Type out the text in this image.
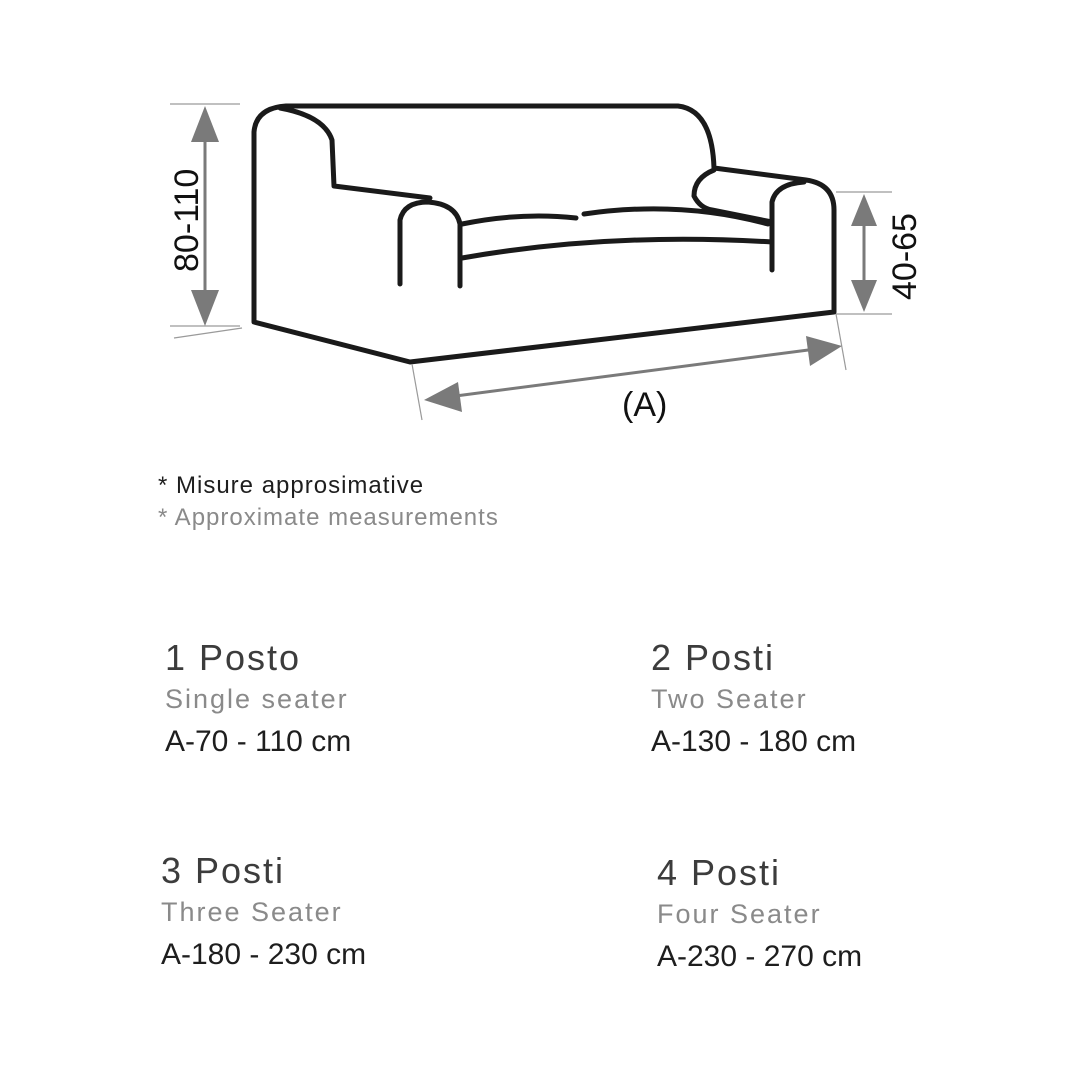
80-110	40-65
(A)
* Misure approsimative
* Approximate measurements
1 Posto
Single seater
A-70 - 110 cm
2 Posti
Two Seater
A-130 - 180 cm
3 Posti
Three Seater
A-180 - 230 cm
4 Posti
Four Seater
A-230 - 270 cm
